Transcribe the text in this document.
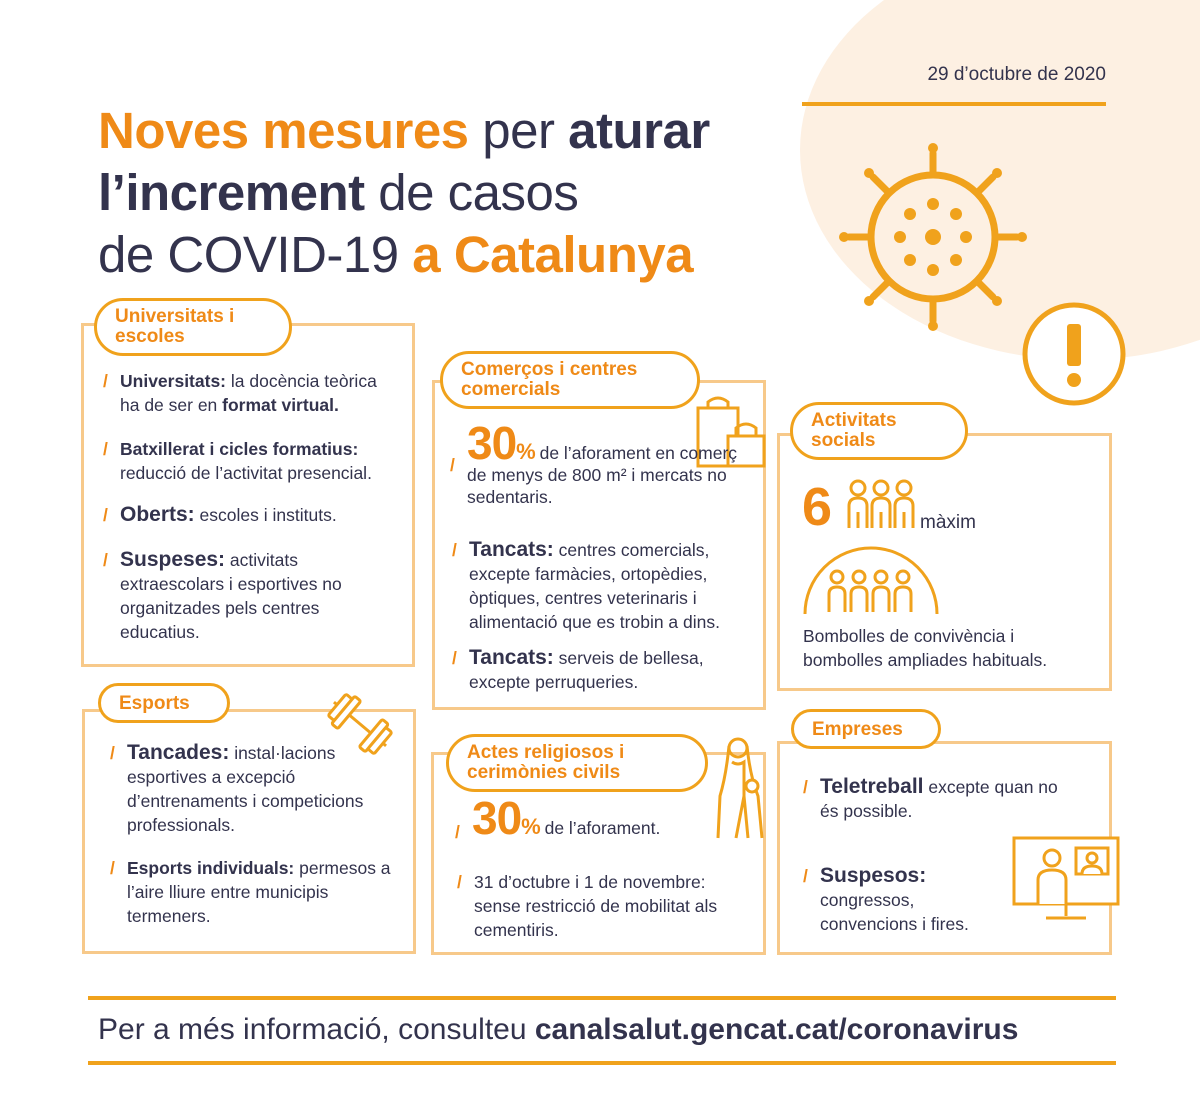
29 d’octubre de 2020
Noves mesures per aturar
l’increment de casos
de COVID-19 a Catalunya
Universitats i escoles
/ Universitats: la docència teòrica ha de ser en format virtual.
/ Batxillerat i cicles formatius: reducció de l’activitat presencial.
/ Oberts: escoles i instituts.
/ Suspeses: activitats extraescolars i esportives no organitzades pels centres educatius.
Comerços i centres comercials
/ 30% de l’aforament en comerç de menys de 800 m² i mercats no sedentaris.
/ Tancats: centres comercials, excepte farmàcies, ortopèdies, òptiques, centres veterinaris i alimentació que es trobin a dins.
/ Tancats: serveis de bellesa, excepte perruqueries.
Activitats socials
6	màxim
Bombolles de convivència i bombolles ampliades habituals.
Esports
/ Tancades: instal·lacions esportives a excepció d’entrenaments i competicions professionals.
/ Esports individuals: permesos a l’aire lliure entre municipis termeners.
Actes religiosos i cerimònies civils
/ 30% de l’aforament.
/ 31 d’octubre i 1 de novembre: sense restricció de mobilitat als cementiris.
Empreses
/ Teletreball excepte quan no és possible.
/ Suspesos: congressos, convencions i fires.
Per a més informació, consulteu canalsalut.gencat.cat/coronavirus
